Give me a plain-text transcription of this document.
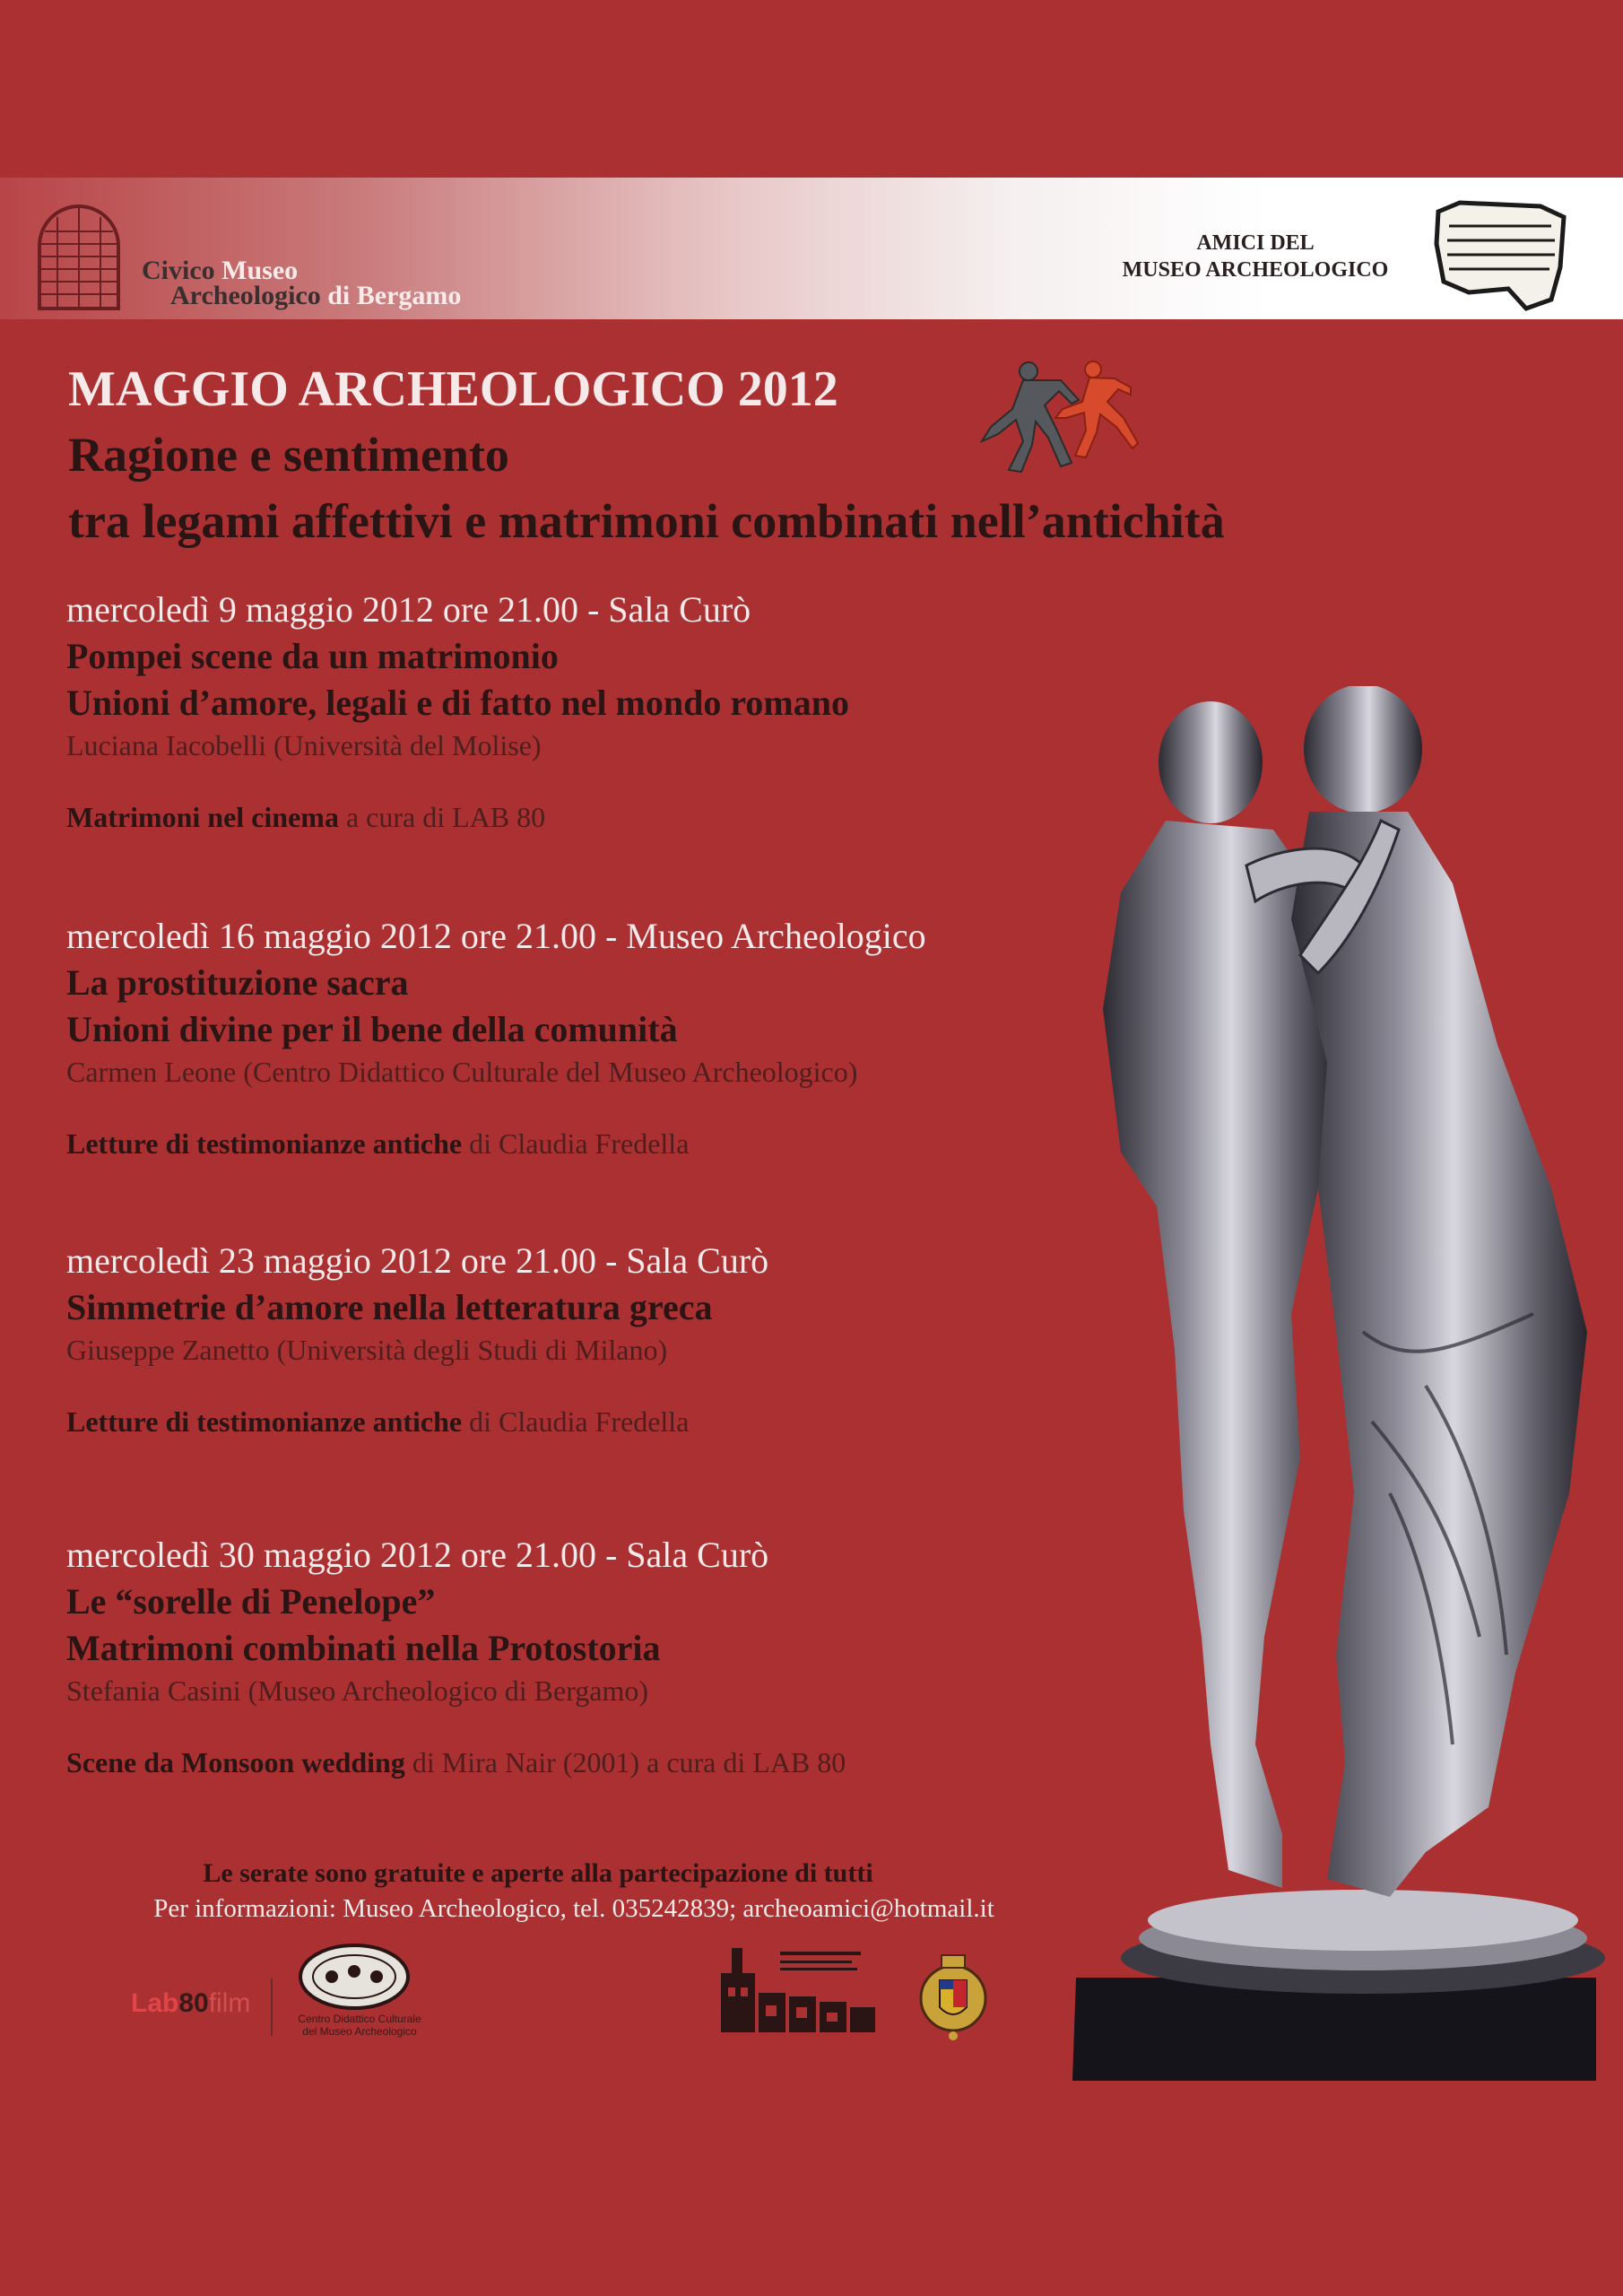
Civico Museo
Archeologico di Bergamo
AMICI DEL
MUSEO ARCHEOLOGICO
MAGGIO ARCHEOLOGICO 2012
Ragione e sentimento
tra legami affettivi e matrimoni combinati nell’antichità
mercoledì 9 maggio 2012 ore 21.00 - Sala Curò
Pompei scene da un matrimonio
Unioni d’amore, legali e di fatto nel mondo romano
Luciana Iacobelli (Università del Molise)
Matrimoni nel cinema a cura di LAB 80
mercoledì 16 maggio 2012 ore 21.00 - Museo Archeologico
La prostituzione sacra
Unioni divine per il bene della comunità
Carmen Leone (Centro Didattico Culturale del Museo Archeologico)
Letture di testimonianze antiche di Claudia Fredella
mercoledì 23 maggio 2012 ore 21.00 - Sala Curò
Simmetrie d’amore nella letteratura greca
Giuseppe Zanetto (Università degli Studi di Milano)
Letture di testimonianze antiche di Claudia Fredella
mercoledì 30 maggio 2012 ore 21.00 - Sala Curò
Le “sorelle di Penelope”
Matrimoni combinati nella Protostoria
Stefania Casini (Museo Archeologico di Bergamo)
Scene da Monsoon wedding di Mira Nair (2001) a cura di LAB 80
Le serate sono gratuite e aperte alla partecipazione di tutti
Per informazioni: Museo Archeologico, tel. 035242839; archeoamici@hotmail.it
Lab80film
Centro Didattico Culturale
del Museo Archeologico
